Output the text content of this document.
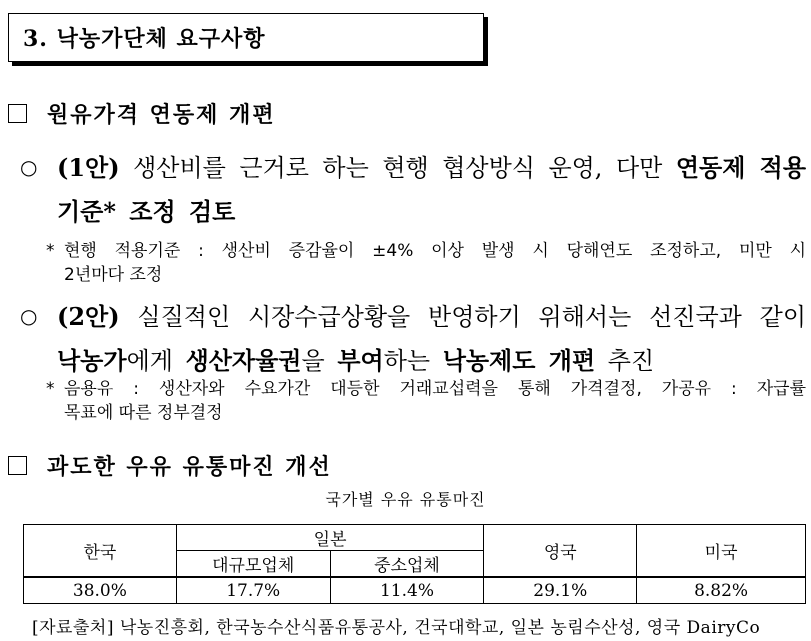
3. 낙농가단체 요구사항
원유가격 연동제 개편
○ (1안) 생산비를 근거로 하는 현행 협상방식 운영, 다만 연동제 적용
기준* 조정 검토
* 현행 적용기준 : 생산비 증감율이 ±4% 이상 발생 시 당해연도 조정하고, 미만 시
2년마다 조정
○ (2안) 실질적인 시장수급상황을 반영하기 위해서는 선진국과 같이
낙농가에게 생산자율권을 부여하는 낙농제도 개편 추진
* 음용유 : 생산자와 수요가간 대등한 거래교섭력을 통해 가격결정, 가공유 : 자급률
목표에 따른 정부결정
과도한 우유 유통마진 개선
국가별 우유 유통마진
한국	일본		영국	미국
	대규모업체	중소업체		
38.0%	17.7%	11.4%	29.1%	8.82%
[자료출처] 낙농진흥회, 한국농수산식품유통공사, 건국대학교, 일본 농림수산성, 영국 DairyCo
